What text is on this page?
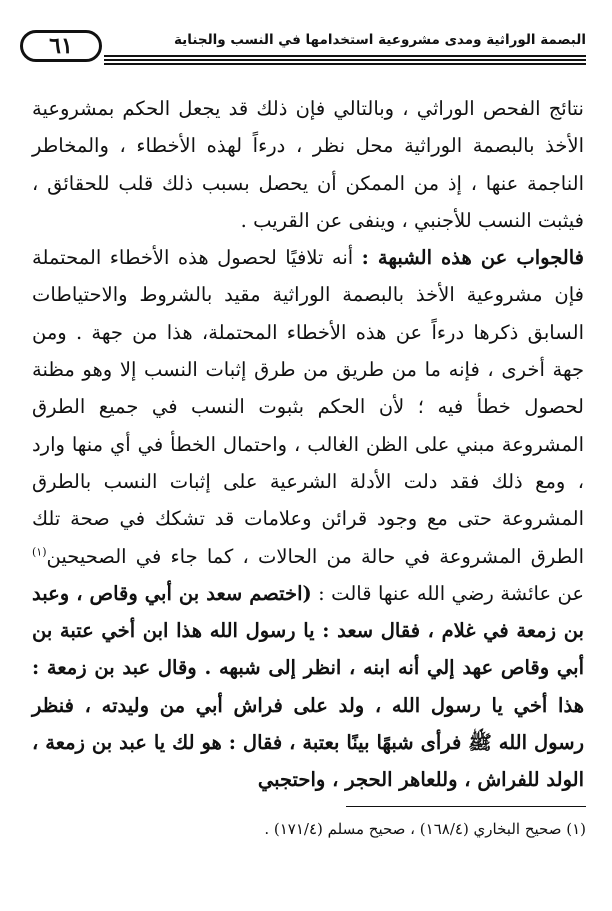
٦١	البصمة الوراثية ومدى مشروعية استخدامها في النسب والجناية

نتائج الفحص الوراثي ، وبالتالي فإن ذلك قد يجعل الحكم بمشروعية الأخذ بالبصمة الوراثية محل نظر ، درءاً لهذه الأخطاء ، والمخاطر الناجمة عنها ، إذ من الممكن أن يحصل بسبب ذلك قلب للحقائق ، فيثبت النسب للأجنبي ، وينفى عن القريب .

فالجواب عن هذه الشبهة : أنه تلافيًا لحصول هذه الأخطاء المحتملة فإن مشروعية الأخذ بالبصمة الوراثية مقيد بالشروط والاحتياطات السابق ذكرها درءاً عن هذه الأخطاء المحتملة، هذا من جهة . ومن جهة أخرى ، فإنه ما من طريق من طرق إثبات النسب إلا وهو مظنة لحصول خطأ فيه ؛ لأن الحكم بثبوت النسب في جميع الطرق المشروعة مبني على الظن الغالب ، واحتمال الخطأ في أي منها وارد ، ومع ذلك فقد دلت الأدلة الشرعية على إثبات النسب بالطرق المشروعة حتى مع وجود قرائن وعلامات قد تشكك في صحة تلك الطرق المشروعة في حالة من الحالات ، كما جاء في الصحيحين$^{(١)}$ عن عائشة رضي الله عنها قالت : (اختصم سعد بن أبي وقاص ، وعبد بن زمعة في غلام ، فقال سعد : يا رسول الله هذا ابن أخي عتبة بن أبي وقاص عهد إلي أنه ابنه ، انظر إلى شبهه . وقال عبد بن زمعة : هذا أخي يا رسول الله ، ولد على فراش أبي من وليدته ، فنظر رسول الله ﷺ فرأى شبهًا بينًا بعتبة ، فقال : هو لك يا عبد بن زمعة ، الولد للفراش ، وللعاهر الحجر ، واحتجبي

(١) صحيح البخاري (١٦٨/٤) ، صحيح مسلم (١٧١/٤) .
